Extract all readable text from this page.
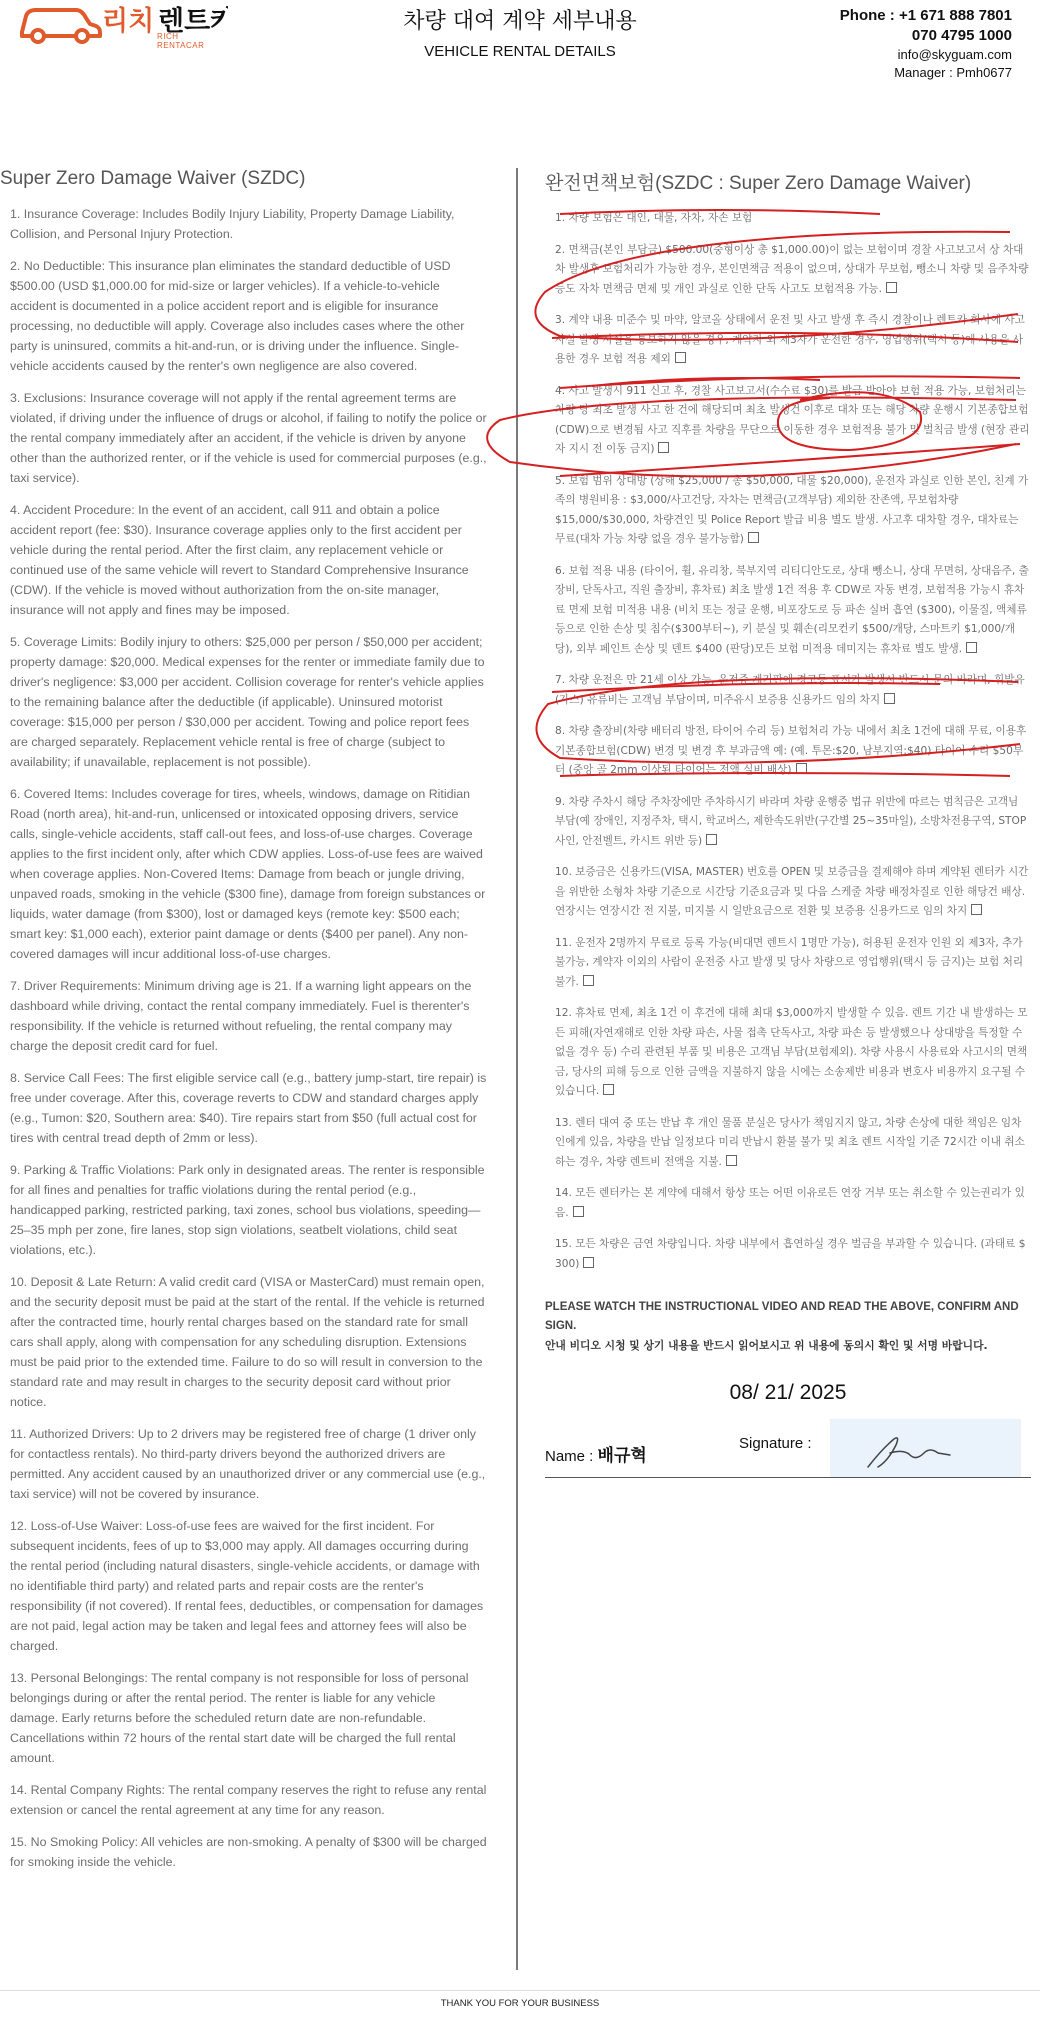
리치 렌트카
RICH RENTACAR
차량 대여 계약 세부내용
VEHICLE RENTAL DETAILS
Phone : +1 671 888 7801
070 4795 1000
info@skyguam.com
Manager : Pmh0677
Super Zero Damage Waiver (SZDC)

1. Insurance Coverage: Includes Bodily Injury Liability, Property Damage Liability, Collision, and Personal Injury Protection.

2. No Deductible: This insurance plan eliminates the standard deductible of USD $500.00 (USD $1,000.00 for mid-size or larger vehicles). If a vehicle-to-vehicle accident is documented in a police accident report and is eligible for insurance processing, no deductible will apply. Coverage also includes cases where the other party is uninsured, commits a hit-and-run, or is driving under the influence. Single-vehicle accidents caused by the renter's own negligence are also covered.

3. Exclusions: Insurance coverage will not apply if the rental agreement terms are violated, if driving under the influence of drugs or alcohol, if failing to notify the police or the rental company immediately after an accident, if the vehicle is driven by anyone other than the authorized renter, or if the vehicle is used for commercial purposes (e.g., taxi service).

4. Accident Procedure: In the event of an accident, call 911 and obtain a police accident report (fee: $30). Insurance coverage applies only to the first accident per vehicle during the rental period. After the first claim, any replacement vehicle or continued use of the same vehicle will revert to Standard Comprehensive Insurance (CDW). If the vehicle is moved without authorization from the on-site manager, insurance will not apply and fines may be imposed.

5. Coverage Limits: Bodily injury to others: $25,000 per person / $50,000 per accident; property damage: $20,000. Medical expenses for the renter or immediate family due to driver's negligence: $3,000 per accident. Collision coverage for renter's vehicle applies to the remaining balance after the deductible (if applicable). Uninsured motorist coverage: $15,000 per person / $30,000 per accident. Towing and police report fees are charged separately. Replacement vehicle rental is free of charge (subject to availability; if unavailable, replacement is not possible).

6. Covered Items: Includes coverage for tires, wheels, windows, damage on Ritidian Road (north area), hit-and-run, unlicensed or intoxicated opposing drivers, service calls, single-vehicle accidents, staff call-out fees, and loss-of-use charges. Coverage applies to the first incident only, after which CDW applies. Loss-of-use fees are waived when coverage applies. Non-Covered Items: Damage from beach or jungle driving, unpaved roads, smoking in the vehicle ($300 fine), damage from foreign substances or liquids, water damage (from $300), lost or damaged keys (remote key: $500 each; smart key: $1,000 each), exterior paint damage or dents ($400 per panel). Any non-covered damages will incur additional loss-of-use charges.

7. Driver Requirements: Minimum driving age is 21. If a warning light appears on the dashboard while driving, contact the rental company immediately. Fuel is therenter's responsibility. If the vehicle is returned without refueling, the rental company may charge the deposit credit card for fuel.

8. Service Call Fees: The first eligible service call (e.g., battery jump-start, tire repair) is free under coverage. After this, coverage reverts to CDW and standard charges apply (e.g., Tumon: $20, Southern area: $40). Tire repairs start from $50 (full actual cost for tires with central tread depth of 2mm or less).

9. Parking & Traffic Violations: Park only in designated areas. The renter is responsible for all fines and penalties for traffic violations during the rental period (e.g., handicapped parking, restricted parking, taxi zones, school bus violations, speeding—25–35 mph per zone, fire lanes, stop sign violations, seatbelt violations, child seat violations, etc.).

10. Deposit & Late Return: A valid credit card (VISA or MasterCard) must remain open, and the security deposit must be paid at the start of the rental. If the vehicle is returned after the contracted time, hourly rental charges based on the standard rate for small cars shall apply, along with compensation for any scheduling disruption. Extensions must be paid prior to the extended time. Failure to do so will result in conversion to the standard rate and may result in charges to the security deposit card without prior notice.

11. Authorized Drivers: Up to 2 drivers may be registered free of charge (1 driver only for contactless rentals). No third-party drivers beyond the authorized drivers are permitted. Any accident caused by an unauthorized driver or any commercial use (e.g., taxi service) will not be covered by insurance.

12. Loss-of-Use Waiver: Loss-of-use fees are waived for the first incident. For subsequent incidents, fees of up to $3,000 may apply. All damages occurring during the rental period (including natural disasters, single-vehicle accidents, or damage with no identifiable third party) and related parts and repair costs are the renter's responsibility (if not covered). If rental fees, deductibles, or compensation for damages are not paid, legal action may be taken and legal fees and attorney fees will also be charged.

13. Personal Belongings: The rental company is not responsible for loss of personal belongings during or after the rental period. The renter is liable for any vehicle damage. Early returns before the scheduled return date are non-refundable. Cancellations within 72 hours of the rental start date will be charged the full rental amount.

14. Rental Company Rights: The rental company reserves the right to refuse any rental extension or cancel the rental agreement at any time for any reason.

15. No Smoking Policy: All vehicles are non-smoking. A penalty of $300 will be charged for smoking inside the vehicle.

완전면책보험(SZDC : Super Zero Damage Waiver)

1. 차량 보험은 대인, 대물, 자차, 자손 보험

2. 면책금(본인 부담금) $500.00(중형이상 총 $1,000.00)이 없는 보험이며 경찰 사고보고서 상 차대차 발생후 보험처리가 가능한 경우, 본인면책금 적용이 없으며, 상대가 무보험, 뺑소니 차량 및 음주차량 등도 자차 면책금 면제 및 개인 과실로 인한 단독 사고도 보험적용 가능.

3. 계약 내용 미준수 및 마약, 알코올 상태에서 운전 및 사고 발생 후 즉시 경찰이나 렌트카 회사에 사고 사실 발생 사실을 통보하지 않을 경우, 계약자 외 제3자가 운전한 경우, 영업행위(택시 등)에 사용을 사용한 경우 보험 적용 제외

4. 사고 발생시 911 신고 후, 경찰 사고보고서(수수료 $30)를 발급 받아야 보험 적용 가능, 보험처리는 차량 당 최초 발생 사고 한 건에 해당되며 최초 발생건 이후로 대차 또는 해당 차량 운행시 기본종합보험(CDW)으로 변경됨 사고 직후를 차량을 무단으로 이동한 경우 보험적용 불가 및 벌칙금 발생 (현장 관리자 지시 전 이동 금지)

5. 보험 범위 상대방 (상해 $25,000 / 총 $50,000, 대물 $20,000), 운전자 과실로 인한 본인, 친계 가족의 병원비용 : $3,000/사고건당, 자차는 면책금(고객부담) 제외한 잔존액, 무보험차량 $15,000/$30,000, 차량견인 및 Police Report 발급 비용 별도 발생. 사고후 대차할 경우, 대차료는 무료(대차 가능 차량 없을 경우 불가능함)

6. 보험 적용 내용 (타이어, 휠, 유리창, 북부지역 리티디안도로, 상대 뺑소니, 상대 무면허, 상대음주, 출장비, 단독사고, 직원 출장비, 휴차료) 최초 발생 1건 적용 후 CDW로 자동 변경, 보험적용 가능시 휴차료 면제 보험 미적용 내용 (비치 또는 정글 운행, 비포장도로 등 파손 실버 흡연 ($300), 이물질, 액체류 등으로 인한 손상 및 침수($300부터~), 키 분실 및 훼손(리모컨키 $500/개당, 스마트키 $1,000/개당), 외부 페인트 손상 및 덴트 $400 (판당)모든 보험 미적용 데미지는 휴차료 별도 발생.

7. 차량 운전은 만 21세 이상 가능, 운전중 계기판에 경고등 표시가 발생시 반드시 문의 바라며, 휘발유(가스) 유류비는 고객님 부담이며, 미주유시 보증용 신용카드 임의 차지

8. 차량 출장비(차량 배터리 방전, 타이어 수리 등) 보험처리 가능 내에서 최초 1건에 대해 무료, 이용후 기본종합보험(CDW) 변경 및 변경 후 부과금액 예: (예. 투몬:$20, 남부지역:$40) 타이어 수리 $50부터 (중앙 골 2mm 이상된 타이어는 전액 실비 배상)

9. 차량 주차시 해당 주차장에만 주차하시기 바라며 차량 운행중 법규 위반에 따르는 범칙금은 고객님 부담(예 장애인, 지정주차, 택시, 학교버스, 제한속도위반(구간별 25~35마일), 소방차전용구역, STOP사인, 안전벨트, 카시트 위반 등)

10. 보증금은 신용카드(VISA, MASTER) 번호를 OPEN 및 보증금을 결제해야 하며 계약된 렌터카 시간을 위반한 소형차 차량 기준으로 시간당 기준요금과 및 다음 스케줄 차량 배정차질로 인한 해당건 배상. 연장시는 연장시간 전 지불, 미지불 시 일반요금으로 전환 및 보증용 신용카드로 임의 차지

11. 운전자 2명까지 무료로 등록 가능(비대면 렌트시 1명만 가능), 허용된 운전자 인원 외 제3자, 추가 불가능, 계약자 이외의 사람이 운전중 사고 발생 및 당사 차량으로 영업행위(택시 등 금지)는 보험 처리 불가.

12. 휴차료 면제, 최초 1건 이 후건에 대해 최대 $3,000까지 발생할 수 있음. 렌트 기간 내 발생하는 모든 피해(자연재해로 인한 차량 파손, 사물 접촉 단독사고, 차량 파손 등 발생했으나 상대방을 특정할 수 없을 경우 등) 수리 관련된 부품 및 비용은 고객님 부담(보험제외). 차량 사용시 사용료와 사고시의 면책금, 당사의 피해 등으로 인한 금액을 지불하지 않을 시에는 소송제반 비용과 변호사 비용까지 요구될 수 있습니다.

13. 렌터 대여 중 또는 반납 후 개인 물품 분실은 당사가 책임지지 않고, 차량 손상에 대한 책임은 임차인에게 있음, 차량을 반납 일정보다 미리 반납시 환불 불가 및 최초 렌트 시작일 기준 72시간 이내 취소하는 경우, 차량 렌트비 전액을 지불.

14. 모든 렌터카는 본 계약에 대해서 항상 또는 어떤 이유로든 연장 거부 또는 취소할 수 있는권리가 있음.

15. 모든 차량은 금연 차량입니다. 차량 내부에서 흡연하실 경우 벌금을 부과할 수 있습니다. (과태료 $ 300)

PLEASE WATCH THE INSTRUCTIONAL VIDEO AND READ THE ABOVE, CONFIRM AND SIGN.
안내 비디오 시청 및 상기 내용을 반드시 읽어보시고 위 내용에 동의시 확인 및 서명 바랍니다.
08/ 21/ 2025
Name : 배규혁
Signature :
THANK YOU FOR YOUR BUSINESS
